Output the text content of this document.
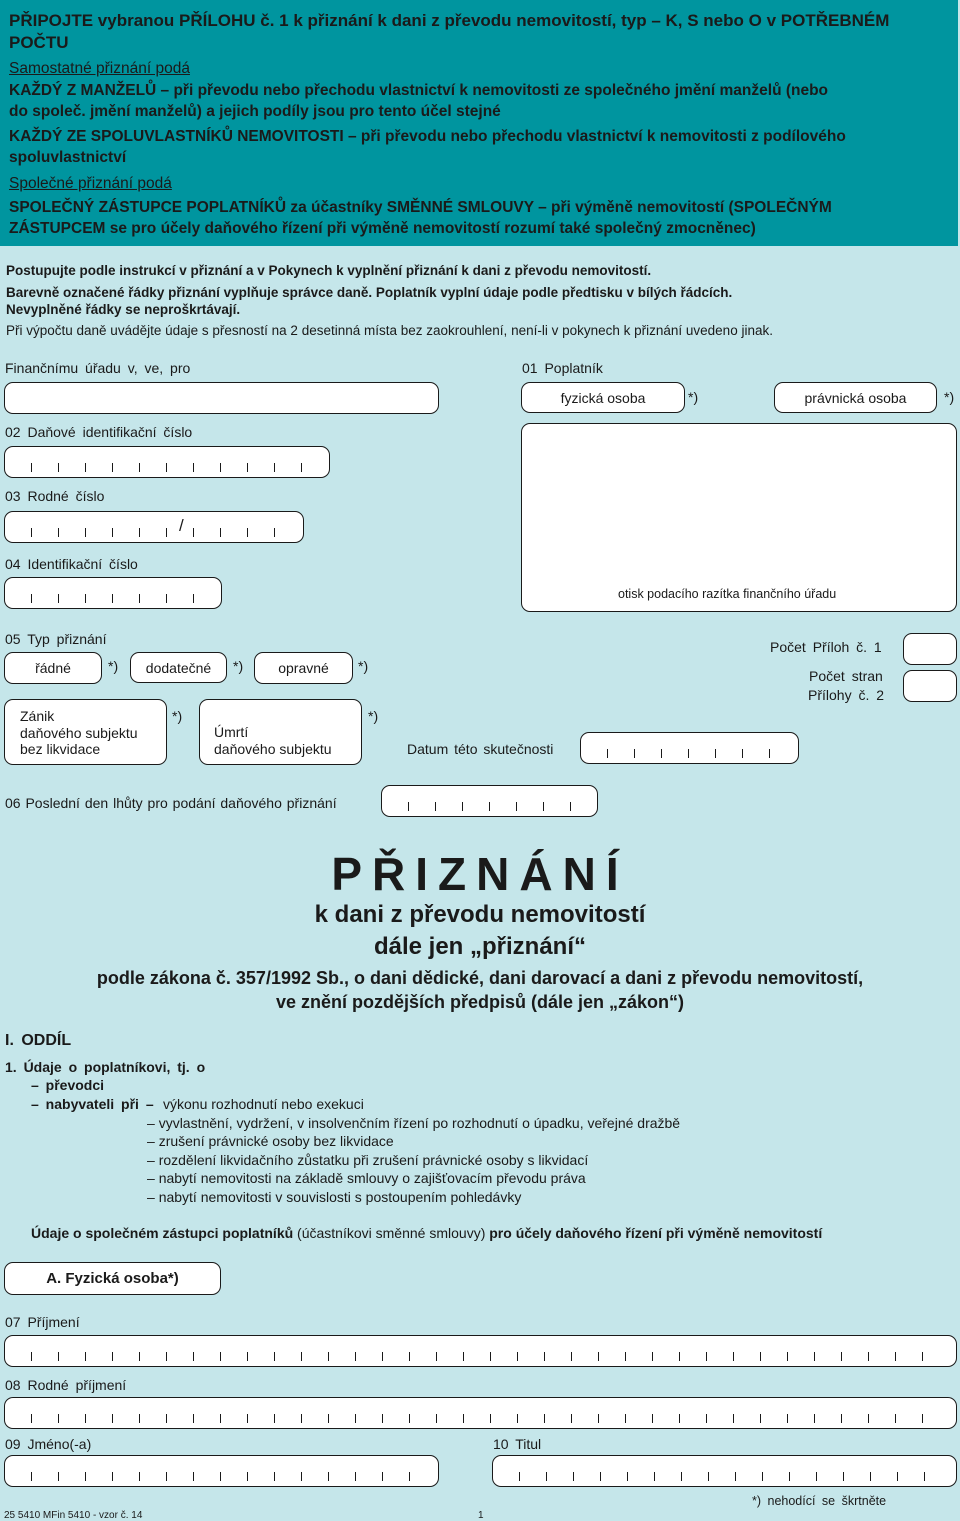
PŘIPOJTE vybranou PŘÍLOHU č. 1 k přiznání k dani z převodu nemovitostí, typ – K, S nebo O v POTŘEBNÉM
POČTU
Samostatné přiznání podá
KAŽDÝ Z MANŽELŮ – při převodu nebo přechodu vlastnictví k nemovitosti ze společného jmění manželů (nebo
do společ. jmění manželů) a jejich podíly jsou pro tento účel stejné
KAŽDÝ ZE SPOLUVLASTNÍKŮ NEMOVITOSTI – při převodu nebo přechodu vlastnictví k nemovitosti z podílového
spoluvlastnictví
Společné přiznání podá
SPOLEČNÝ ZÁSTUPCE POPLATNÍKŮ za účastníky SMĚNNÉ SMLOUVY – při výměně nemovitostí (SPOLEČNÝM
ZÁSTUPCEM se pro účely daňového řízení při výměně nemovitostí rozumí také společný zmocněnec)
Postupujte podle instrukcí v přiznání a v Pokynech k vyplnění přiznání k dani z převodu nemovitostí.
Barevně označené řádky přiznání vyplňuje správce daně. Poplatník vyplní údaje podle předtisku v bílých řádcích.
Nevyplněné řádky se neproškrtávají.
Při výpočtu daně uvádějte údaje s přesností na 2 desetinná místa bez zaokrouhlení, není-li v pokynech k přiznání uvedeno jinak.
Finančnímu úřadu v, ve, pro	01 Poplatník
fyzická osoba	*)	právnická osoba	*)
otisk podacího razítka finančního úřadu
02 Daňové identifikační číslo
03 Rodné číslo
/
04 Identifikační číslo
05 Typ přiznání
řádné	*) dodatečné *)	opravné *)
Počet Příloh č. 1
Počet stran
Přílohy č. 2
Zánik
daňového subjektu
bez likvidace
*)
Úmrtí
daňového subjektu
*)
Datum této skutečnosti
06 Poslední den lhůty pro podání daňového přiznání
PŘIZNÁNÍ
k dani z převodu nemovitostí
dále jen „přiznání“
podle zákona č. 357/1992 Sb., o dani dědické, dani darovací a dani z převodu nemovitostí,
ve znění pozdějších předpisů (dále jen „zákon“)
I. ODDÍL
1. Údaje o poplatníkovi, tj. o
– převodci
– nabyvateli při – výkonu rozhodnutí nebo exekuci
– vyvlastnění, vydržení, v insolvenčním řízení po rozhodnutí o úpadku, veřejné dražbě
– zrušení právnické osoby bez likvidace
– rozdělení likvidačního zůstatku při zrušení právnické osoby s likvidací
– nabytí nemovitosti na základě smlouvy o zajišťovacím převodu práva
– nabytí nemovitosti v souvislosti s postoupením pohledávky
Údaje o společném zástupci poplatníků (účastníkovi směnné smlouvy) pro účely daňového řízení při výměně nemovitostí
A. Fyzická osoba*)
07 Příjmení
08 Rodné příjmení
09 Jméno(-a)	10 Titul
*) nehodící se škrtněte
25 5410 MFin 5410 - vzor č. 14	1
